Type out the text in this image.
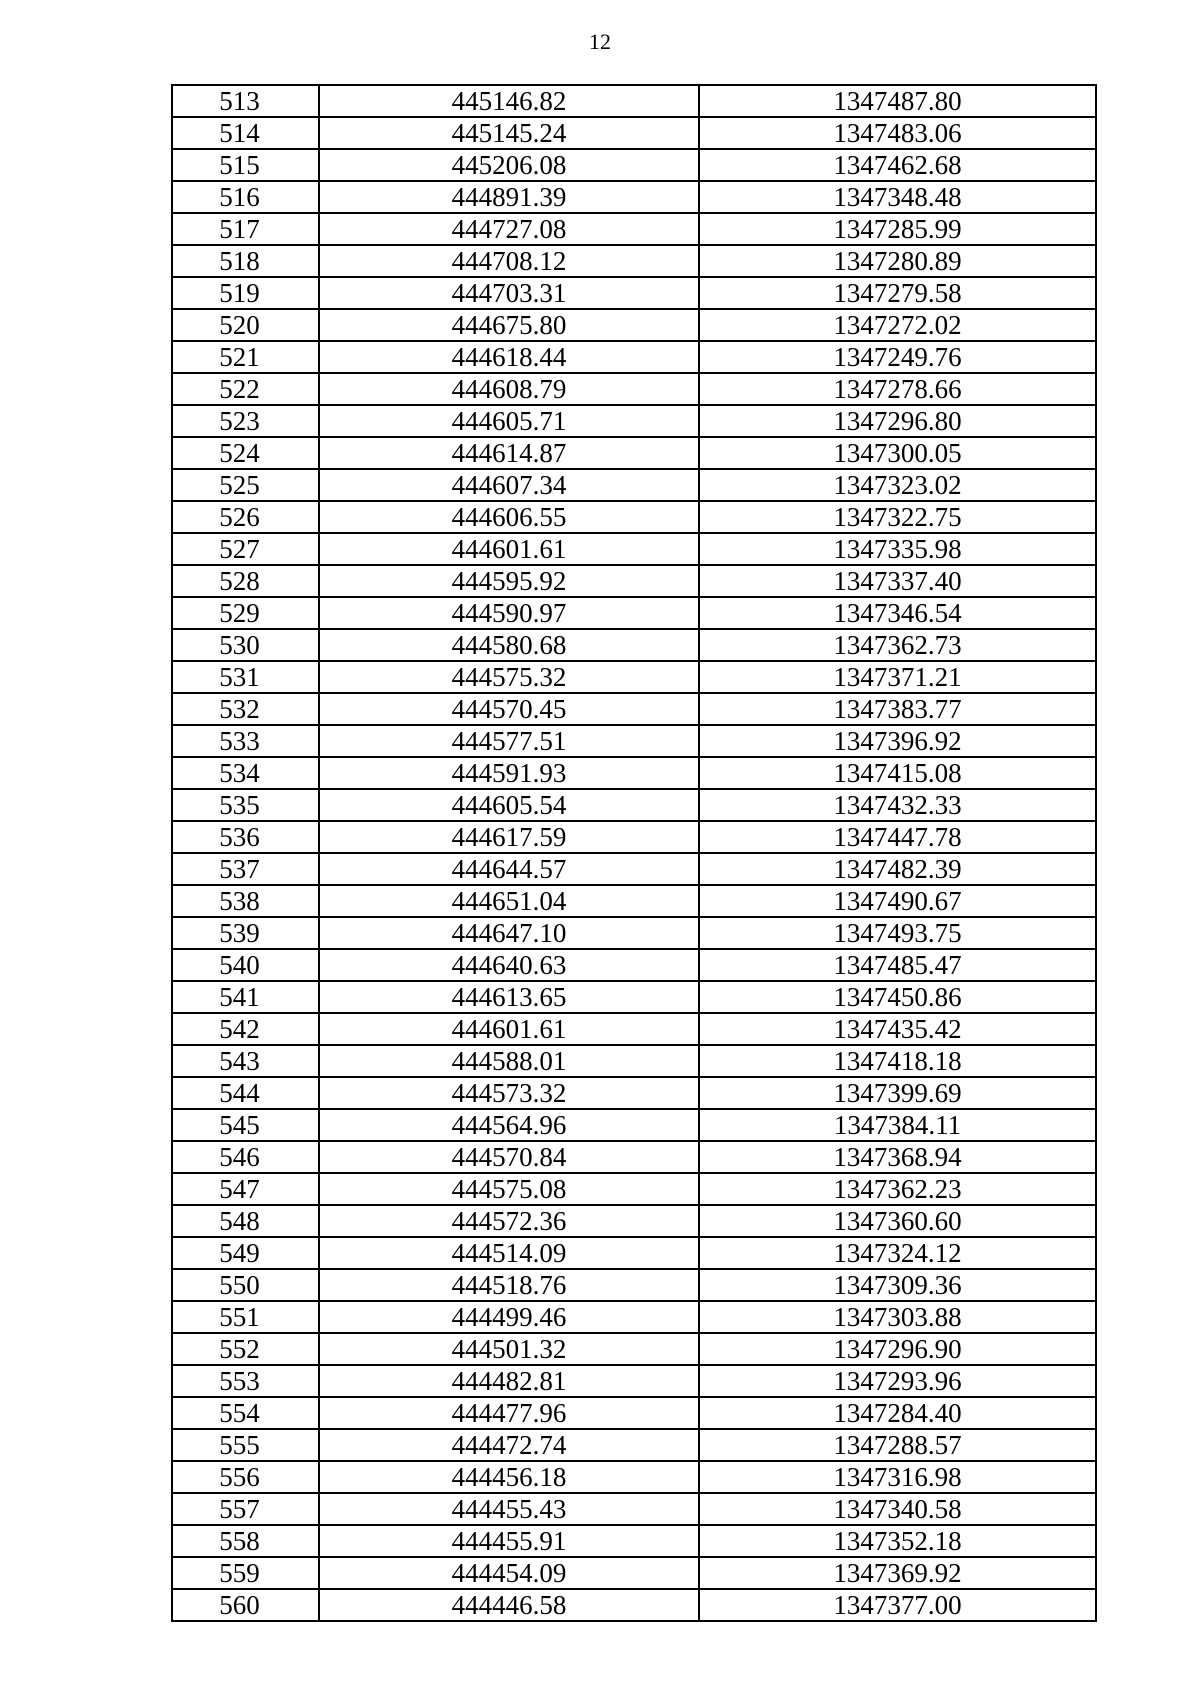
12
513	445146.82	1347487.80
514	445145.24	1347483.06
515	445206.08	1347462.68
516	444891.39	1347348.48
517	444727.08	1347285.99
518	444708.12	1347280.89
519	444703.31	1347279.58
520	444675.80	1347272.02
521	444618.44	1347249.76
522	444608.79	1347278.66
523	444605.71	1347296.80
524	444614.87	1347300.05
525	444607.34	1347323.02
526	444606.55	1347322.75
527	444601.61	1347335.98
528	444595.92	1347337.40
529	444590.97	1347346.54
530	444580.68	1347362.73
531	444575.32	1347371.21
532	444570.45	1347383.77
533	444577.51	1347396.92
534	444591.93	1347415.08
535	444605.54	1347432.33
536	444617.59	1347447.78
537	444644.57	1347482.39
538	444651.04	1347490.67
539	444647.10	1347493.75
540	444640.63	1347485.47
541	444613.65	1347450.86
542	444601.61	1347435.42
543	444588.01	1347418.18
544	444573.32	1347399.69
545	444564.96	1347384.11
546	444570.84	1347368.94
547	444575.08	1347362.23
548	444572.36	1347360.60
549	444514.09	1347324.12
550	444518.76	1347309.36
551	444499.46	1347303.88
552	444501.32	1347296.90
553	444482.81	1347293.96
554	444477.96	1347284.40
555	444472.74	1347288.57
556	444456.18	1347316.98
557	444455.43	1347340.58
558	444455.91	1347352.18
559	444454.09	1347369.92
560	444446.58	1347377.00
